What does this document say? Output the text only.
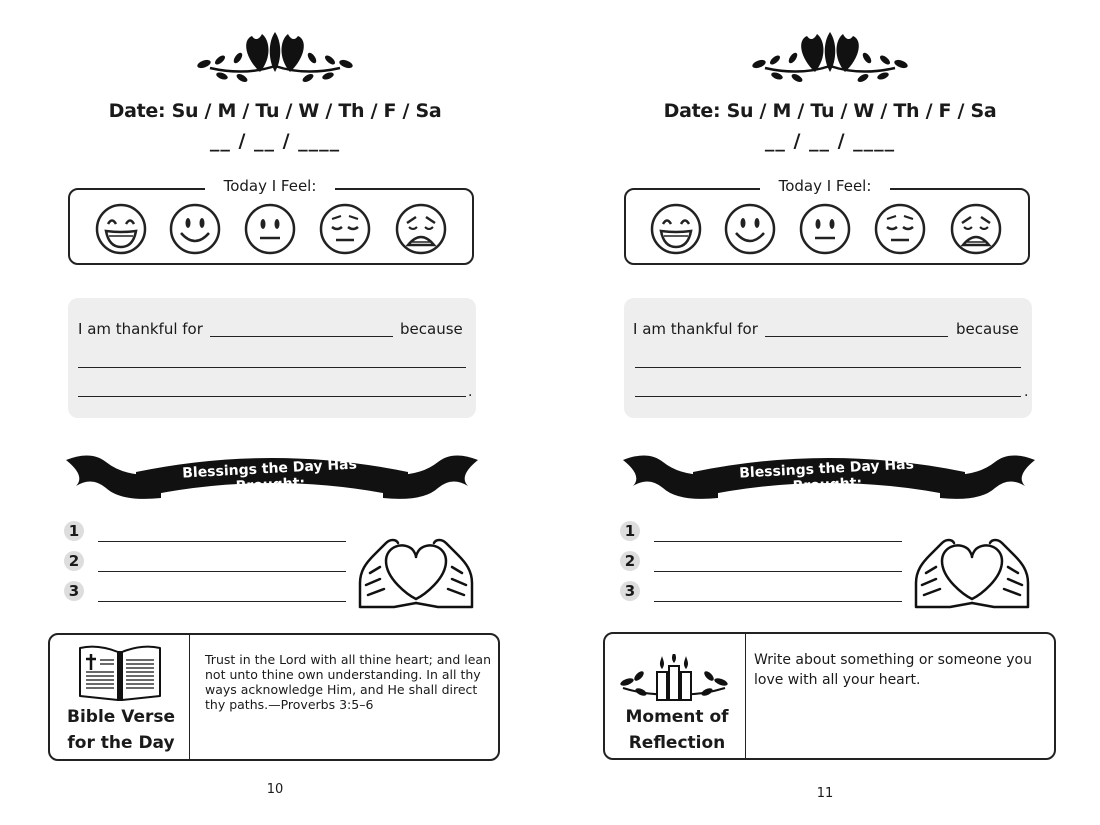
Date: Su / M / Tu / W / Th / F / Sa
__ / __ / ____
Today I Feel:
I am thankful for	because
.
Blessings the Day Has Brought:
1
2
3
Bible Verse
for the Day
Trust in the Lord with all thine heart; and lean not unto thine own understanding. In all thy ways acknowledge Him, and He shall direct thy paths.—Proverbs 3:5–6
10
Date: Su / M / Tu / W / Th / F / Sa
__ / __ / ____
Today I Feel:
I am thankful for	because
.
Blessings the Day Has Brought:
1
2
3
Moment of
Reflection
Write about something or someone you love with all your heart.
11
